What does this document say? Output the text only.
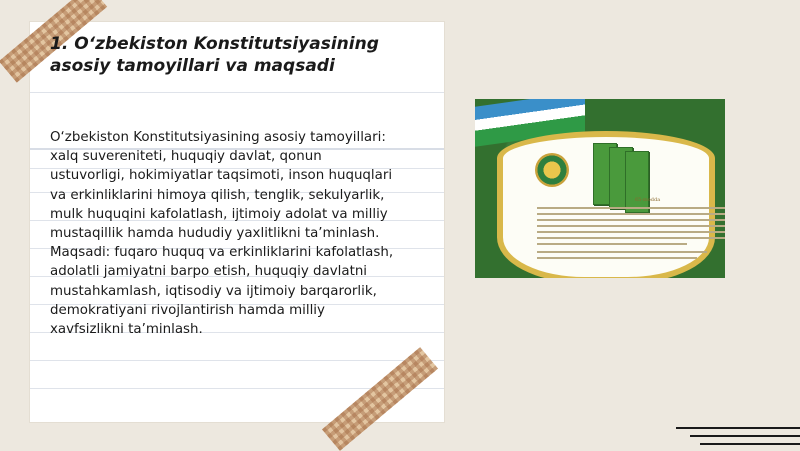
1. O‘zbekiston Konstitutsiyasining asosiy tamoyillari va maqsadi

O‘zbekiston Konstitutsiyasining asosiy tamoyillari: xalq suvereniteti, huquqiy davlat, qonun ustuvorligi, hokimiyatlar taqsimoti, inson huquqlari va erkinliklarini himoya qilish, tenglik, sekulyarlik, mulk huquqini kafolatlash, ijtimoiy adolat va milliy mustaqillik hamda hududiy yaxlitlikni ta’minlash. Maqsadi: fuqaro huquq va erkinliklarini kafolatlash, adolatli jamiyatni barpo etish, huquqiy davlatni mustahkamlash, iqtisodiy va ijtimoiy barqarorlik, demokratiyani rivojlantirish hamda milliy xavfsizlikni ta’minlash.

65-modda
